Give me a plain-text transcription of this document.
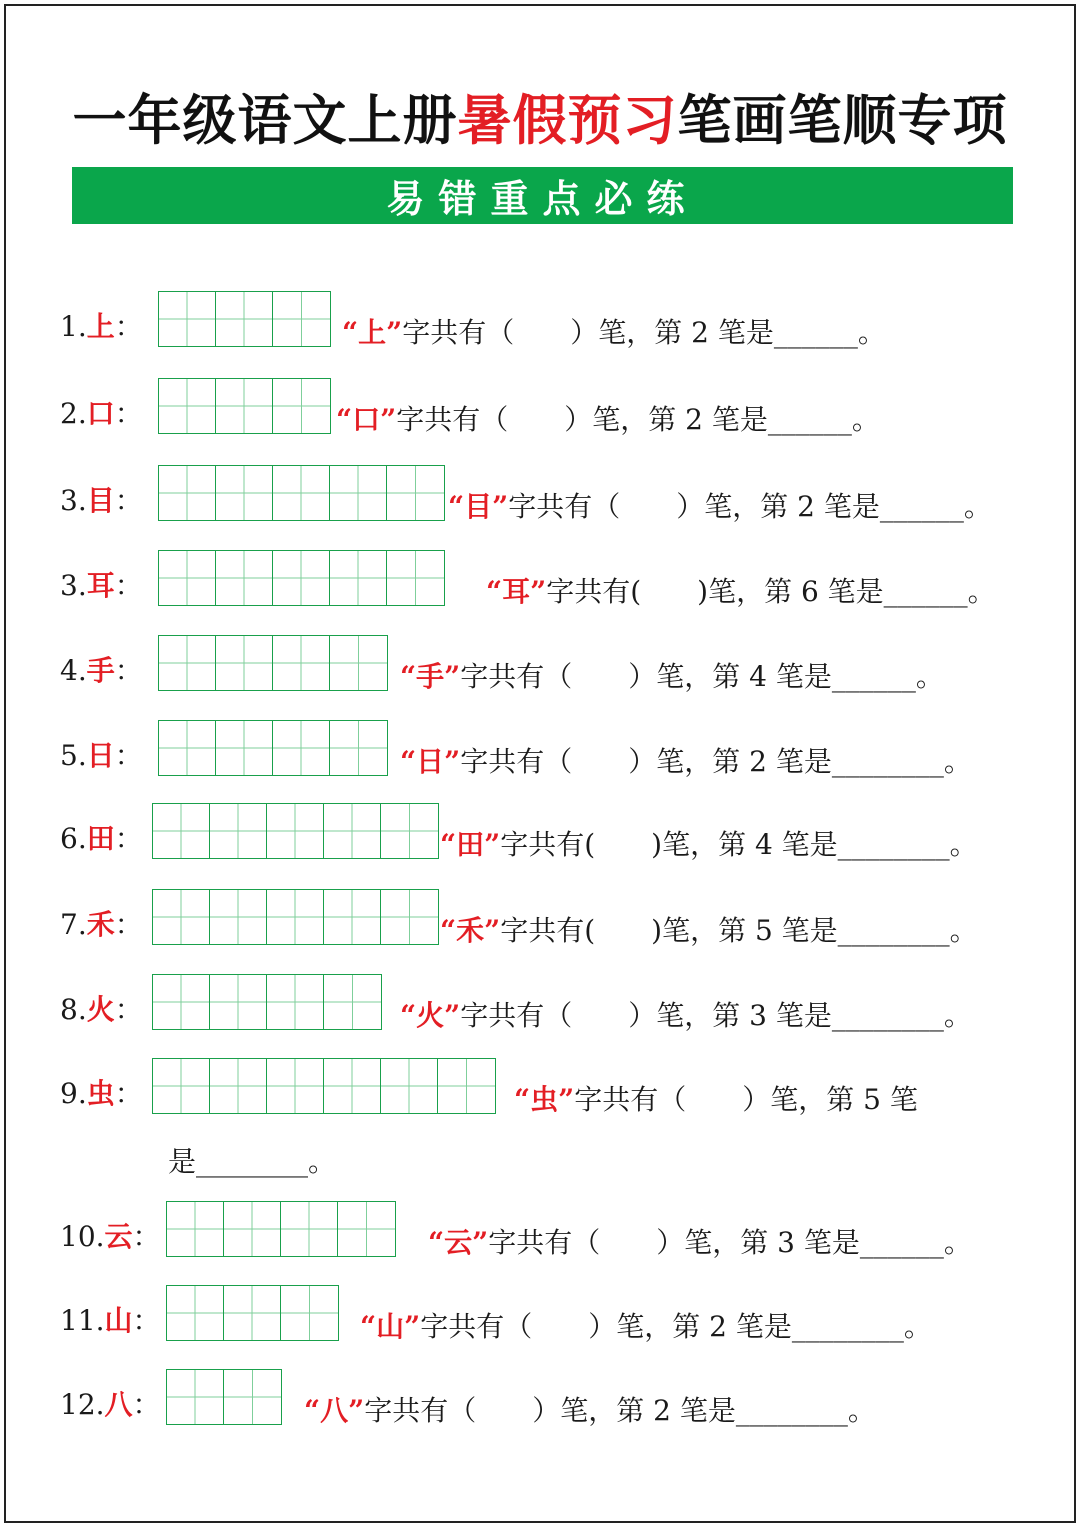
一年级语文上册暑假预习笔画笔顺专项
易错重点必练
1.上：	“上”字共有（　　）笔，第 2 笔是______。
2.口：	“口”字共有（　　）笔，第 2 笔是______。
3.目：	“目”字共有（　　）笔，第 2 笔是______。
3.耳：	“耳”字共有(　　)笔，第 6 笔是______。
4.手：	“手”字共有（　　）笔，第 4 笔是______。
5.日：	“日”字共有（　　）笔，第 2 笔是________。
6.田：	“田”字共有(　　)笔，第 4 笔是________。
7.禾：	“禾”字共有(　　)笔，第 5 笔是________。
8.火：	“火”字共有（　　）笔，第 3 笔是________。
9.虫：	“虫”字共有（　　）笔，第 5 笔
是________。
10.云：	“云”字共有（　　）笔，第 3 笔是______。
11.山：	“山”字共有（　　）笔，第 2 笔是________。
12.八：	“八”字共有（　　）笔，第 2 笔是________。
